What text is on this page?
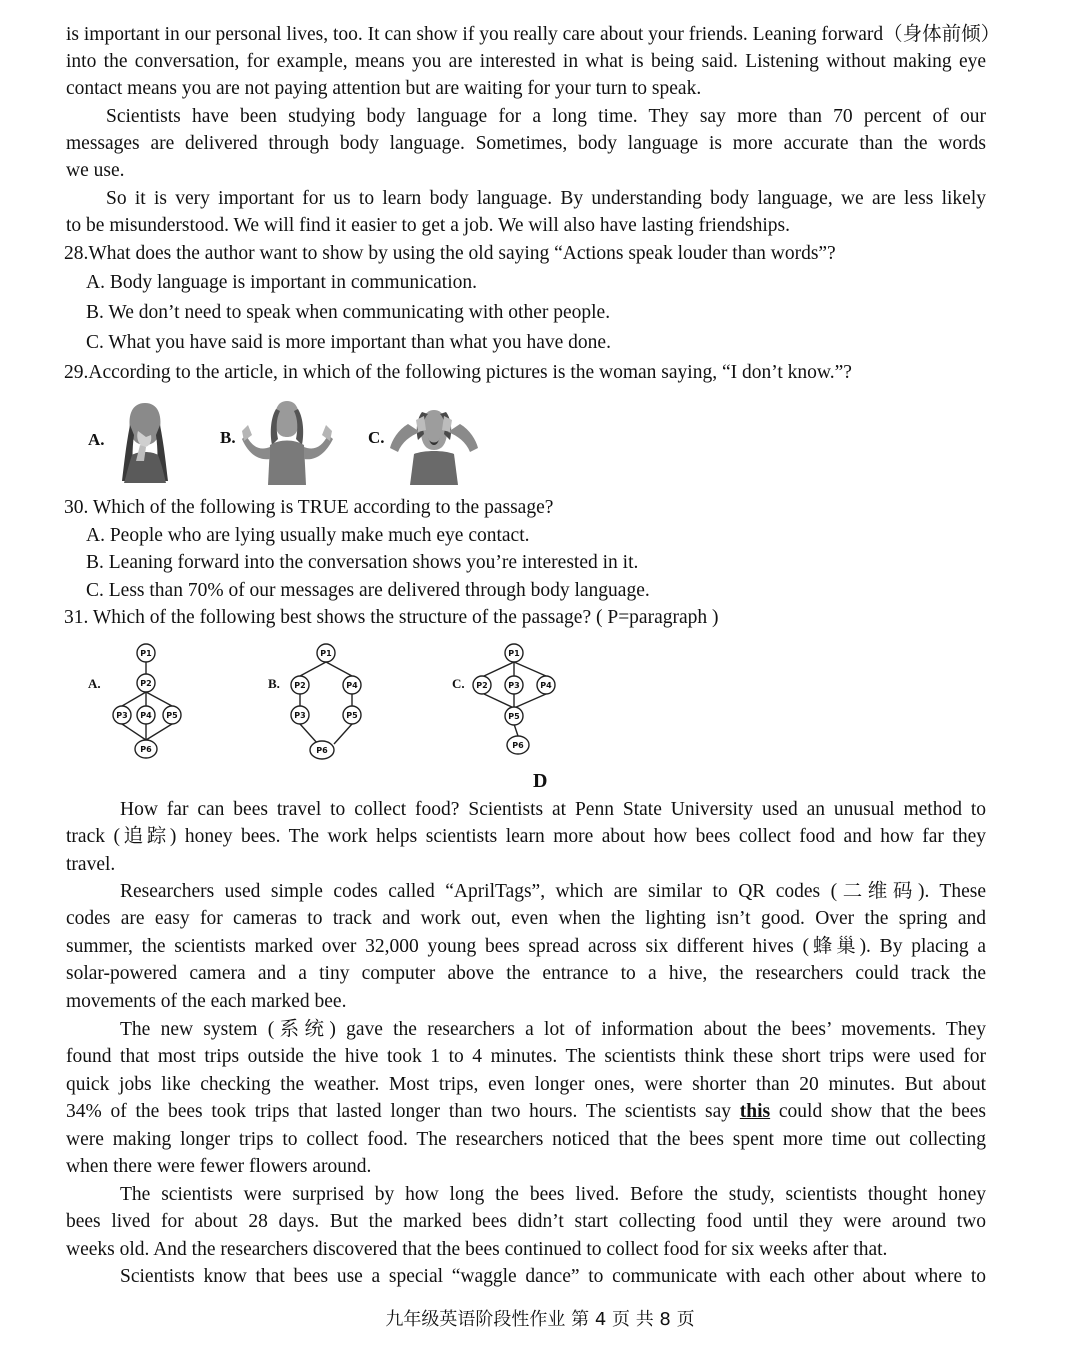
is important in our personal lives, too. It can show if you really care about your friends. Leaning forward（身体前倾）
into the conversation, for example, means you are interested in what is being said. Listening without making eye
contact means you are not paying attention but are waiting for your turn to speak.
Scientists have been studying body language for a long time. They say more than 70 percent of our
messages are delivered through body language. Sometimes, body language is more accurate than the words
we use.
So it is very important for us to learn body language. By understanding body language, we are less likely
to be misunderstood. We will find it easier to get a job. We will also have lasting friendships.
28.What does the author want to show by using the old saying “Actions speak louder than words”?
A. Body language is important in communication.
B. We don’t need to speak when communicating with other people.
C. What you have said is more important than what you have done.
29.According to the article, in which of the following pictures is the woman saying, “I don’t know.”?
A.	B.	C.
30. Which of the following is TRUE according to the passage?
A. People who are lying usually make much eye contact.
B. Leaning forward into the conversation shows you’re interested in it.
C. Less than 70% of our messages are delivered through body language.
31. Which of the following best shows the structure of the passage? ( P=paragraph )
A.
P1
P2
P3 P4 P5
P6
B.
P1
P2	P4
P3	P5
P6
C.
P1
P2	P3	P4
P5
P6
D
How far can bees travel to collect food? Scientists at Penn State University used an unusual method to
track (追踪) honey bees. The work helps scientists learn more about how bees collect food and how far they
travel.
Researchers used simple codes called “AprilTags”, which are similar to QR codes (二维码). These
codes are easy for cameras to track and work out, even when the lighting isn’t good. Over the spring and
summer, the scientists marked over 32,000 young bees spread across six different hives (蜂巢). By placing a
solar-powered camera and a tiny computer above the entrance to a hive, the researchers could track the
movements of the each marked bee.
The new system (系统) gave the researchers a lot of information about the bees’ movements. They
found that most trips outside the hive took 1 to 4 minutes. The scientists think these short trips were used for
quick jobs like checking the weather. Most trips, even longer ones, were shorter than 20 minutes. But about
34% of the bees took trips that lasted longer than two hours. The scientists say this could show that the bees
were making longer trips to collect food. The researchers noticed that the bees spent more time out collecting
when there were fewer flowers around.
The scientists were surprised by how long the bees lived. Before the study, scientists thought honey
bees lived for about 28 days. But the marked bees didn’t start collecting food until they were around two
weeks old. And the researchers discovered that the bees continued to collect food for six weeks after that.
Scientists know that bees use a special “waggle dance” to communicate with each other about where to
九年级英语阶段性作业 第 4 页 共 8 页
